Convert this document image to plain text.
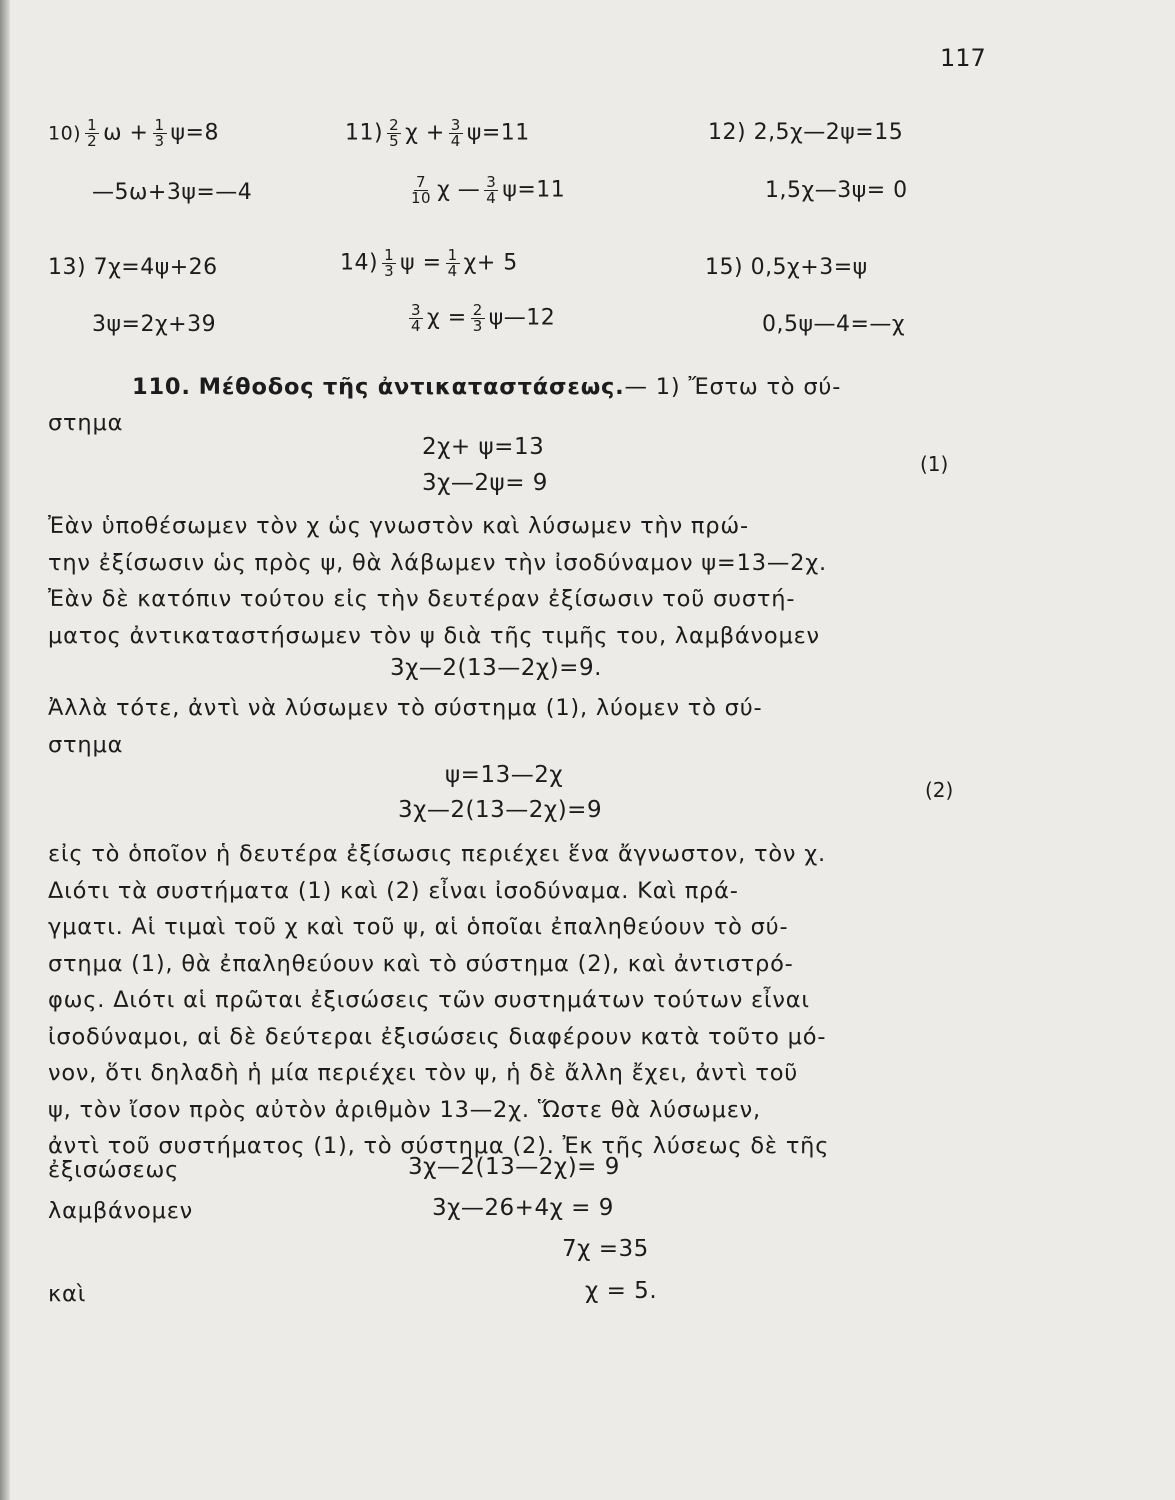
117
$10) \frac{1}{2}$ $\omega + \frac{1}{3} \psi=8$
—5ω+3ψ=—4
$11) \frac{2}{5}$ $\chi + \frac{3}{4} \psi=11$
$\frac{7}{10}$ χ — $\frac{3}{4} \psi=11$
12) 2,5χ—2ψ=15
1,5χ—3ψ= 0
13) 7χ=4ψ+26
3ψ=2χ+39
$14) \frac{1}{3}$ $\psi = \frac{1}{4} \chi+ 5$
$\frac{3}{4}$ $\chi = \frac{2}{3}$ ψ—12
15) 0,5χ+3=ψ
0,5ψ—4=—χ
110. Μέθοδος τῆς ἀντικαταστάσεως.— 1) Ἔστω τὸ σύ-
στημα
2χ+ ψ=13
3χ—2ψ= 9
(1)
Ἐὰν ὑποθέσωμεν τὸν χ ὡς γνωστὸν καὶ λύσωμεν τὴν πρώ-
την ἐξίσωσιν ὡς πρὸς ψ, θὰ λάβωμεν τὴν ἰσοδύναμον ψ=13—2χ.
Ἐὰν δὲ κατόπιν τούτου εἰς τὴν δευτέραν ἐξίσωσιν τοῦ συστή-
ματος ἀντικαταστήσωμεν τὸν ψ διὰ τῆς τιμῆς του, λαμβάνομεν
3χ—2(13—2χ)=9.
Ἀλλὰ τότε, ἀντὶ νὰ λύσωμεν τὸ σύστημα (1), λύομεν τὸ σύ-
στημα
ψ=13—2χ
3χ—2(13—2χ)=9
(2)
εἰς τὸ ὁποῖον ἡ δευτέρα ἐξίσωσις περιέχει ἕνα ἄγνωστον, τὸν χ.
Διότι τὰ συστήματα (1) καὶ (2) εἶναι ἰσοδύναμα. Καὶ πρά-
γματι. Αἱ τιμαὶ τοῦ χ καὶ τοῦ ψ, αἱ ὁποῖαι ἐπαληθεύουν τὸ σύ-
στημα (1), θὰ ἐπαληθεύουν καὶ τὸ σύστημα (2), καὶ ἀντιστρό-
φως. Διότι αἱ πρῶται ἐξισώσεις τῶν συστημάτων τούτων εἶναι
ἰσοδύναμοι, αἱ δὲ δεύτεραι ἐξισώσεις διαφέρουν κατὰ τοῦτο μό-
νον, ὅτι δηλαδὴ ἡ μία περιέχει τὸν ψ, ἡ δὲ ἄλλη ἔχει, ἀντὶ τοῦ
ψ, τὸν ἴσον πρὸς αὐτὸν ἀριθμὸν 13—2χ. Ὥστε θὰ λύσωμεν,
ἀντὶ τοῦ συστήματος (1), τὸ σύστημα (2). Ἐκ τῆς λύσεως δὲ τῆς
ἐξισώσεως	3χ—2(13—2χ)= 9
λαμβάνομεν	3χ—26+4χ = 9
7χ =35
καὶ	χ = 5.
